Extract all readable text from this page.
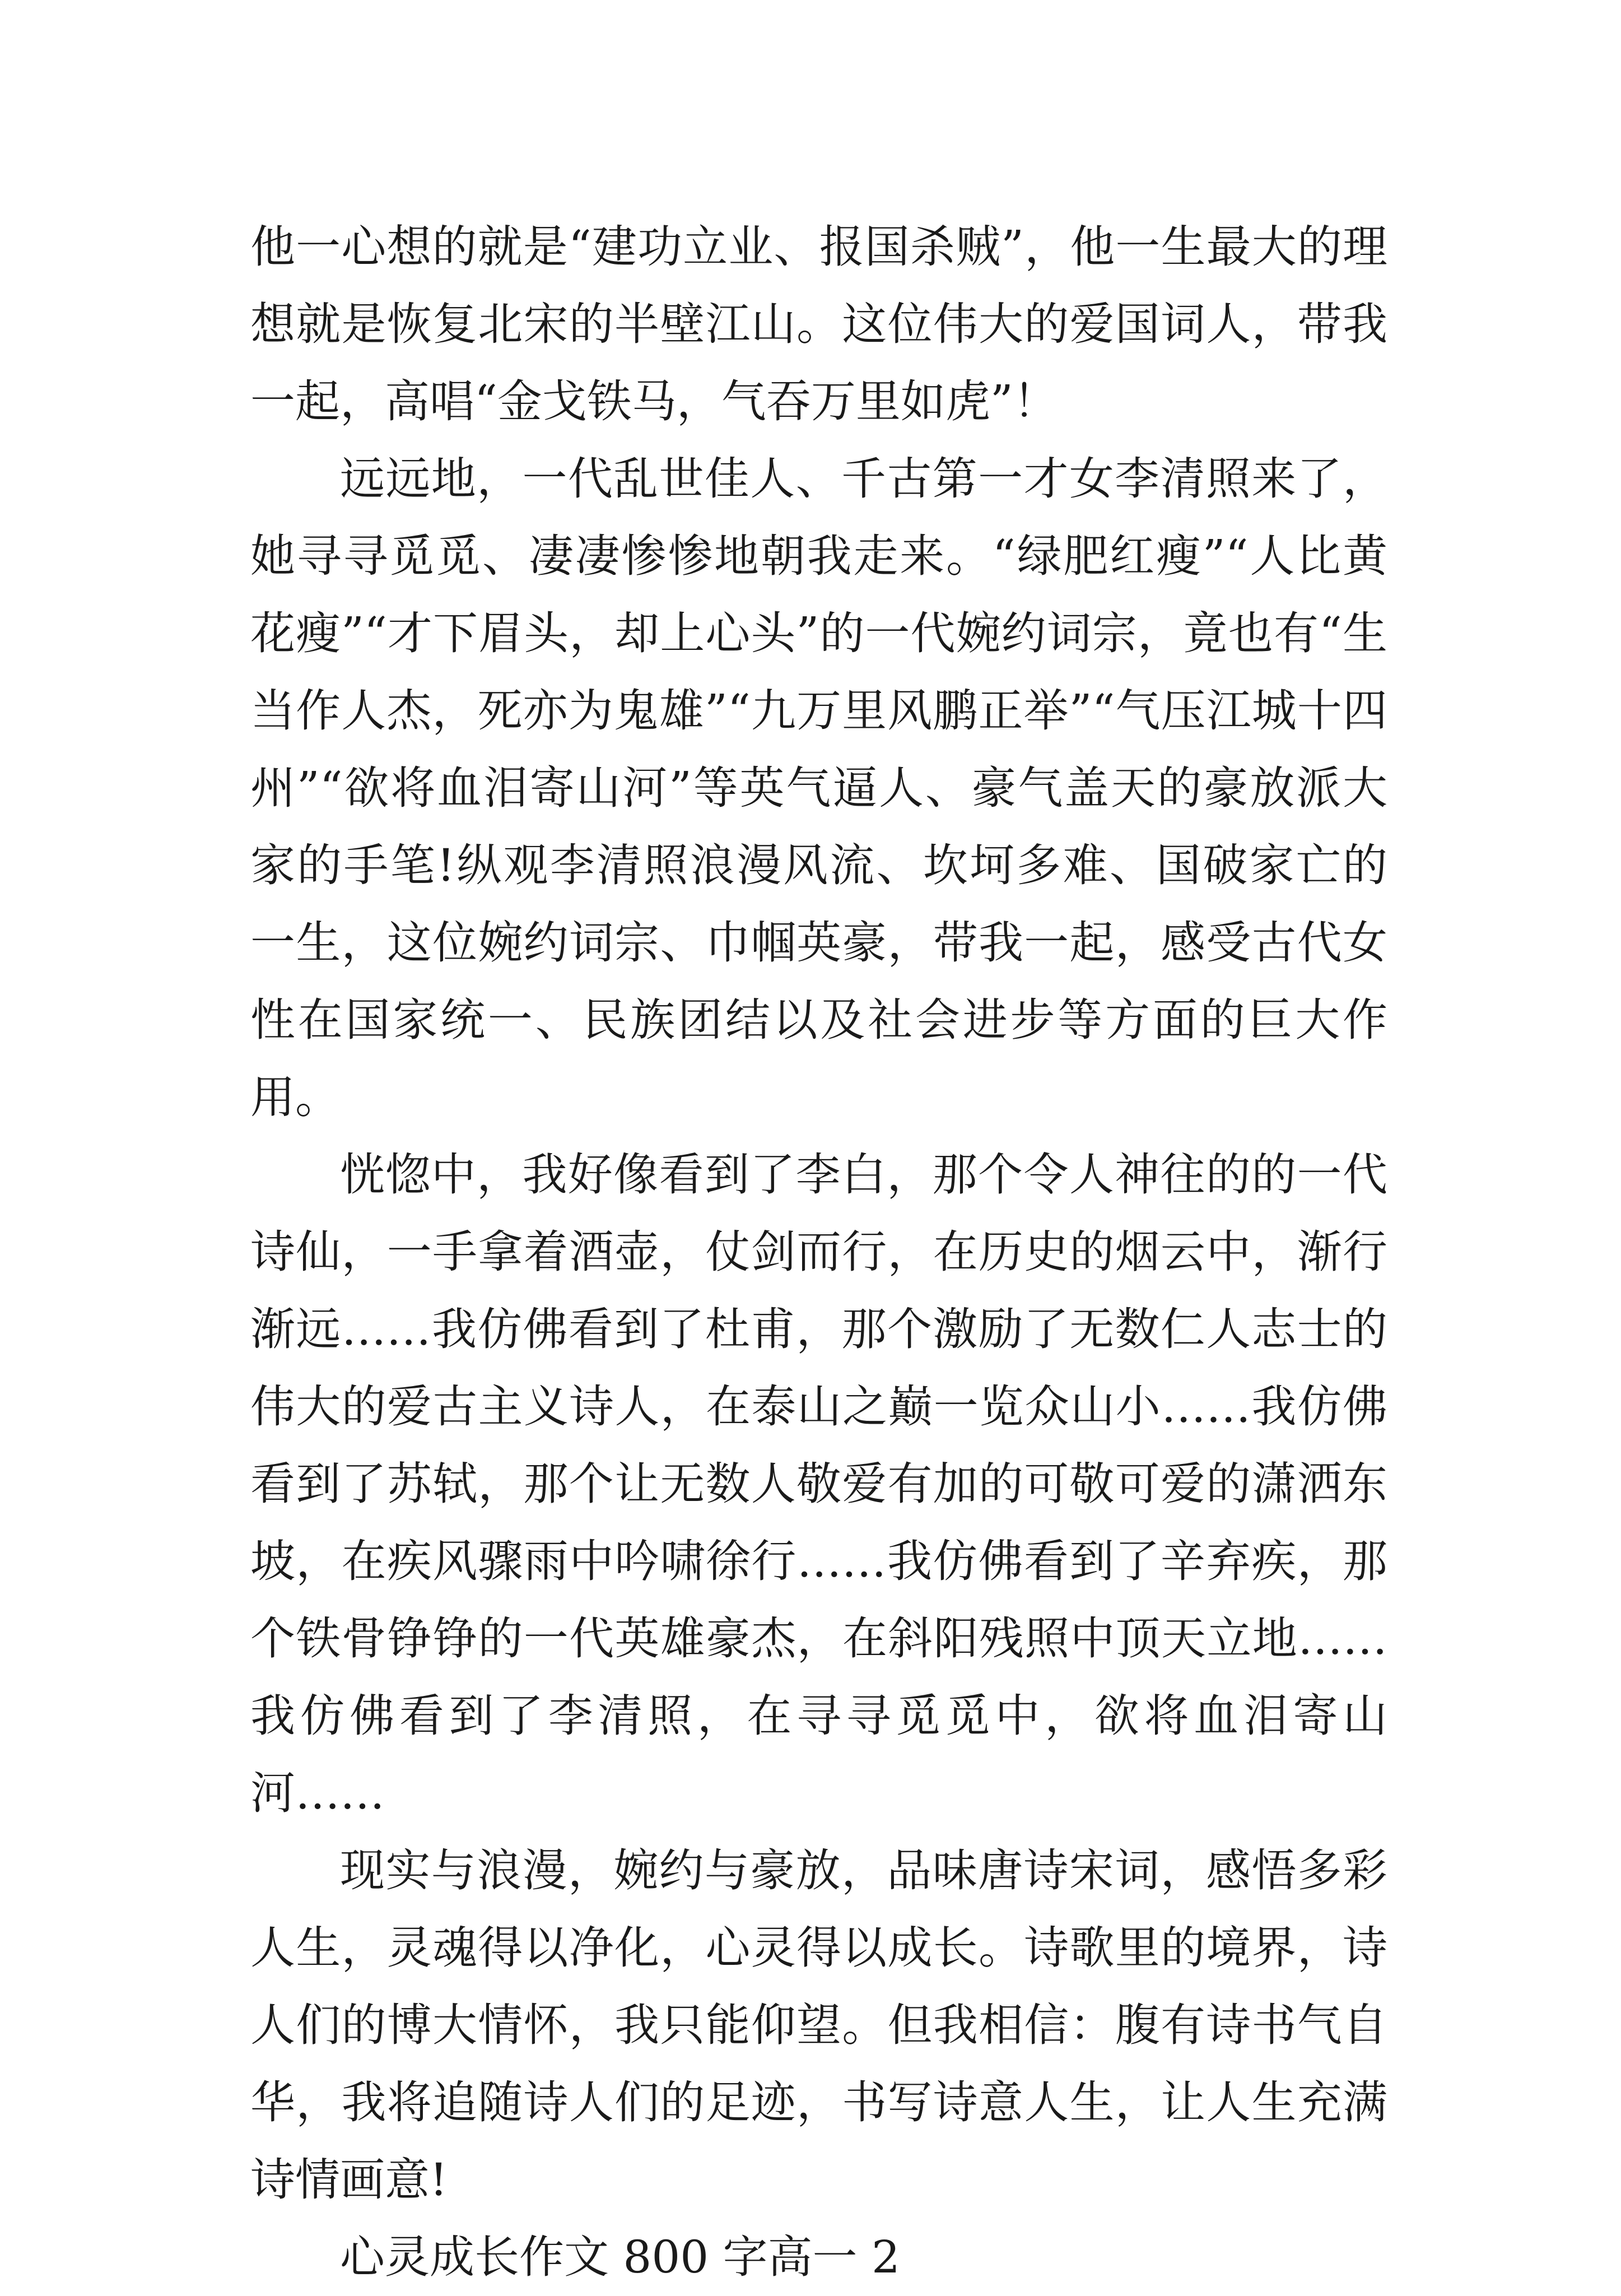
他一心想的就是“建功立业、报国杀贼”，他一生最大的理想就是恢复北宋的半壁江山。这位伟大的爱国词人，带我一起，高唱“金戈铁马，气吞万里如虎”！

远远地，一代乱世佳人、千古第一才女李清照来了，她寻寻觅觅、凄凄惨惨地朝我走来。“绿肥红瘦”“人比黄花瘦”“才下眉头，却上心头”的一代婉约词宗，竟也有“生当作人杰，死亦为鬼雄”“九万里风鹏正举”“气压江城十四州”“欲将血泪寄山河”等英气逼人、豪气盖天的豪放派大家的手笔!纵观李清照浪漫风流、坎坷多难、国破家亡的一生，这位婉约词宗、巾帼英豪，带我一起，感受古代女性在国家统一、民族团结以及社会进步等方面的巨大作用。

恍惚中，我好像看到了李白，那个令人神往的的一代诗仙，一手拿着酒壶，仗剑而行，在历史的烟云中，渐行渐远……我仿佛看到了杜甫，那个激励了无数仁人志士的伟大的爱古主义诗人，在泰山之巅一览众山小……我仿佛看到了苏轼，那个让无数人敬爱有加的可敬可爱的潇洒东坡，在疾风骤雨中吟啸徐行……我仿佛看到了辛弃疾，那个铁骨铮铮的一代英雄豪杰，在斜阳残照中顶天立地……我仿佛看到了李清照，在寻寻觅觅中，欲将血泪寄山河……

现实与浪漫，婉约与豪放，品味唐诗宋词，感悟多彩人生，灵魂得以净化，心灵得以成长。诗歌里的境界，诗人们的博大情怀，我只能仰望。但我相信：腹有诗书气自华，我将追随诗人们的足迹，书写诗意人生，让人生充满诗情画意!

心灵成长作文 800 字高一 2
